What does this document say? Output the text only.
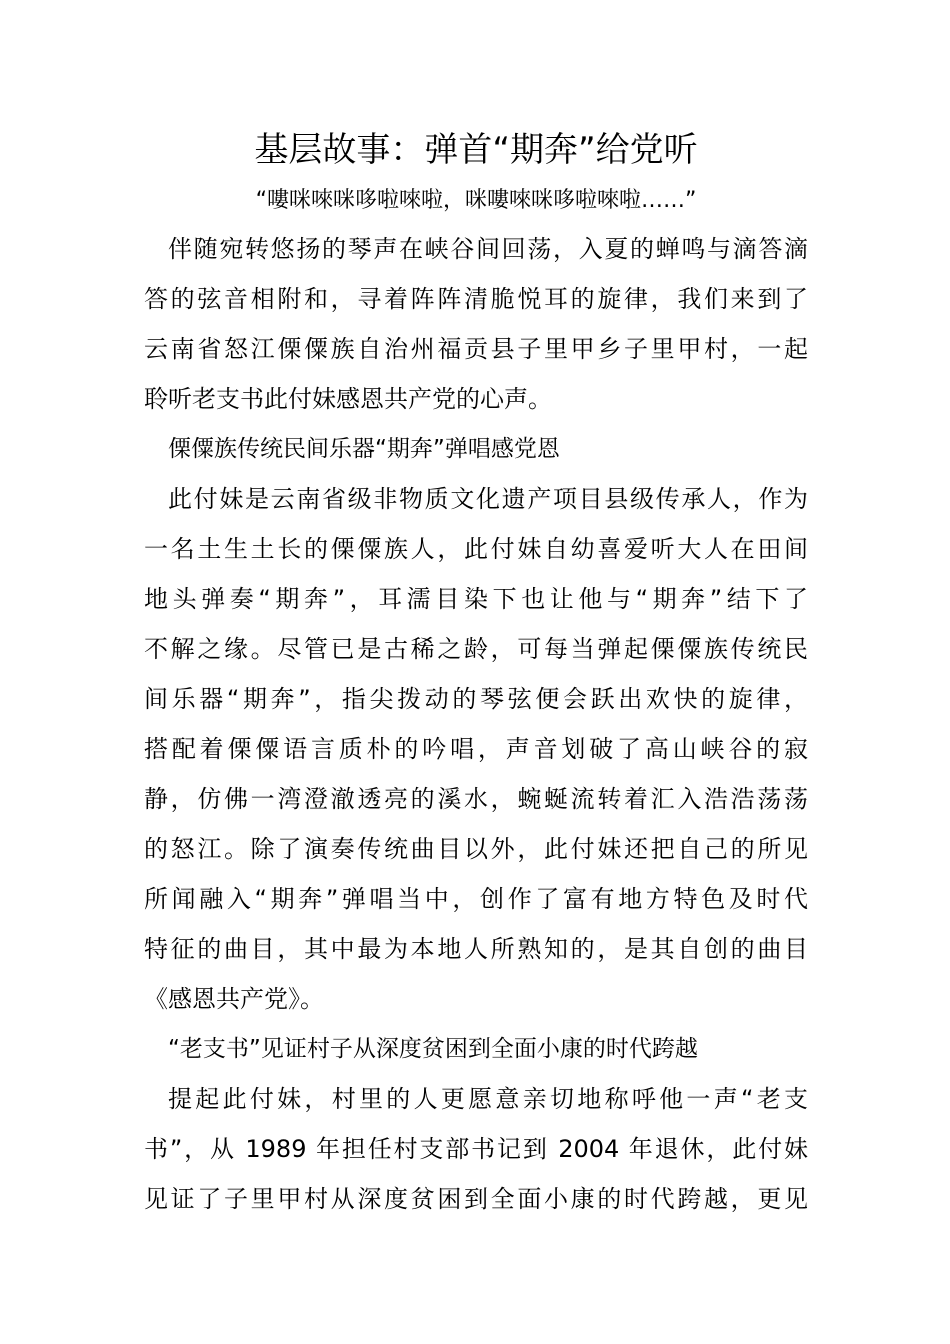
基层故事：弹首“期奔”给党听
“嘍咪唻咪哆啦唻啦，咪嘍唻咪哆啦唻啦……”
伴随宛转悠扬的琴声在峡谷间回荡，入夏的蝉鸣与滴答滴
答的弦音相附和，寻着阵阵清脆悦耳的旋律，我们来到了
云南省怒江傈僳族自治州福贡县子里甲乡子里甲村，一起
聆听老支书此付妹感恩共产党的心声。
傈僳族传统民间乐器“期奔”弹唱感党恩
此付妹是云南省级非物质文化遗产项目县级传承人，作为
一名土生土长的傈僳族人，此付妹自幼喜爱听大人在田间
地头弹奏“期奔”，耳濡目染下也让他与“期奔”结下了
不解之缘。尽管已是古稀之龄，可每当弹起傈僳族传统民
间乐器“期奔”，指尖拨动的琴弦便会跃出欢快的旋律，
搭配着傈僳语言质朴的吟唱，声音划破了高山峡谷的寂
静，仿佛一湾澄澈透亮的溪水，蜿蜒流转着汇入浩浩荡荡
的怒江。除了演奏传统曲目以外，此付妹还把自己的所见
所闻融入“期奔”弹唱当中，创作了富有地方特色及时代
特征的曲目，其中最为本地人所熟知的，是其自创的曲目
《感恩共产党》。
“老支书”见证村子从深度贫困到全面小康的时代跨越
提起此付妹，村里的人更愿意亲切地称呼他一声“老支
书”，从 1989 年担任村支部书记到 2004 年退休，此付妹
见证了子里甲村从深度贫困到全面小康的时代跨越，更见
